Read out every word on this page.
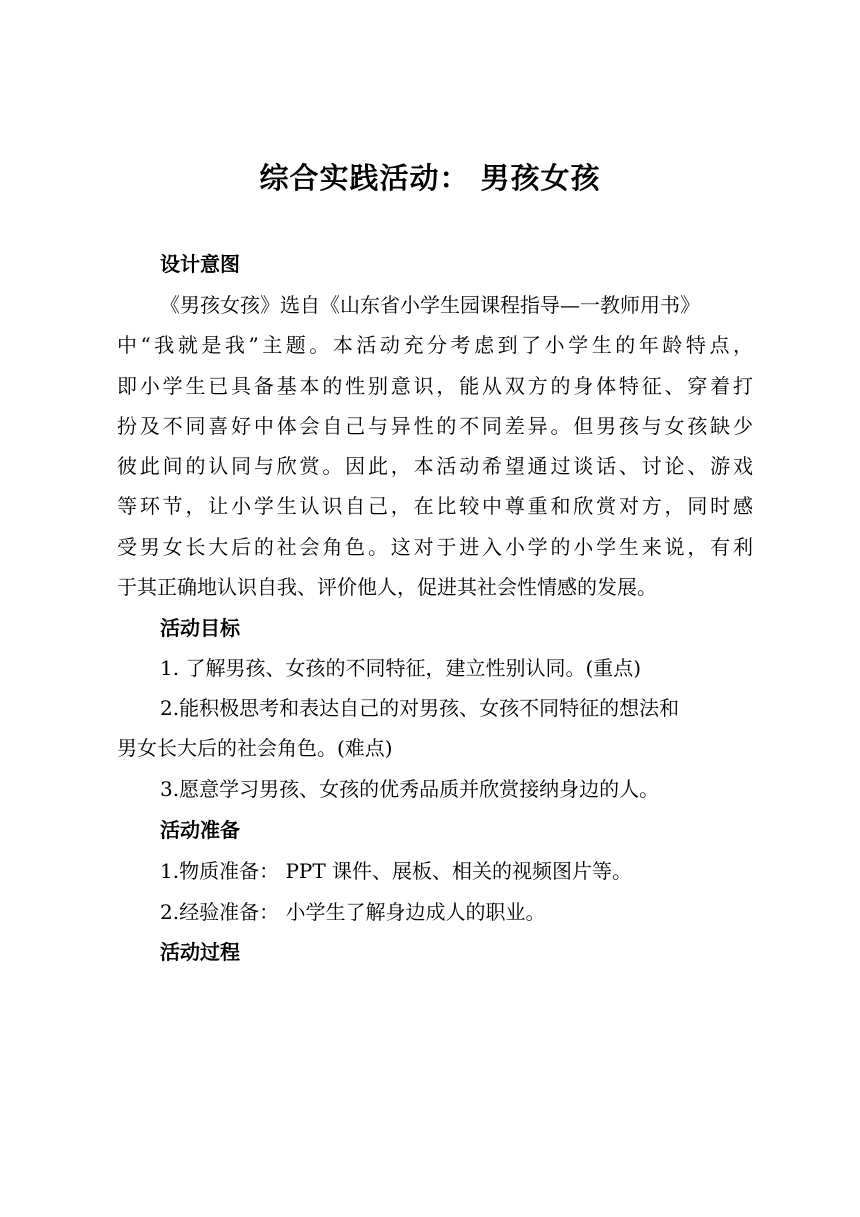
综合实践活动： 男孩女孩
设计意图
《男孩女孩》选自《山东省小学生园课程指导—一教师用书》
中“我就是我”主题。本活动充分考虑到了小学生的年龄特点，
即小学生已具备基本的性别意识，能从双方的身体特征、穿着打
扮及不同喜好中体会自己与异性的不同差异。但男孩与女孩缺少
彼此间的认同与欣赏。因此，本活动希望通过谈话、讨论、游戏
等环节，让小学生认识自己，在比较中尊重和欣赏对方，同时感
受男女长大后的社会角色。这对于进入小学的小学生来说，有利
于其正确地认识自我、评价他人，促进其社会性情感的发展。
活动目标
1. 了解男孩、女孩的不同特征，建立性别认同。(重点)
2.能积极思考和表达自己的对男孩、女孩不同特征的想法和
男女长大后的社会角色。(难点)
3.愿意学习男孩、女孩的优秀品质并欣赏接纳身边的人。
活动准备
1.物质准备： PPT 课件、展板、相关的视频图片等。
2.经验准备： 小学生了解身边成人的职业。
活动过程
